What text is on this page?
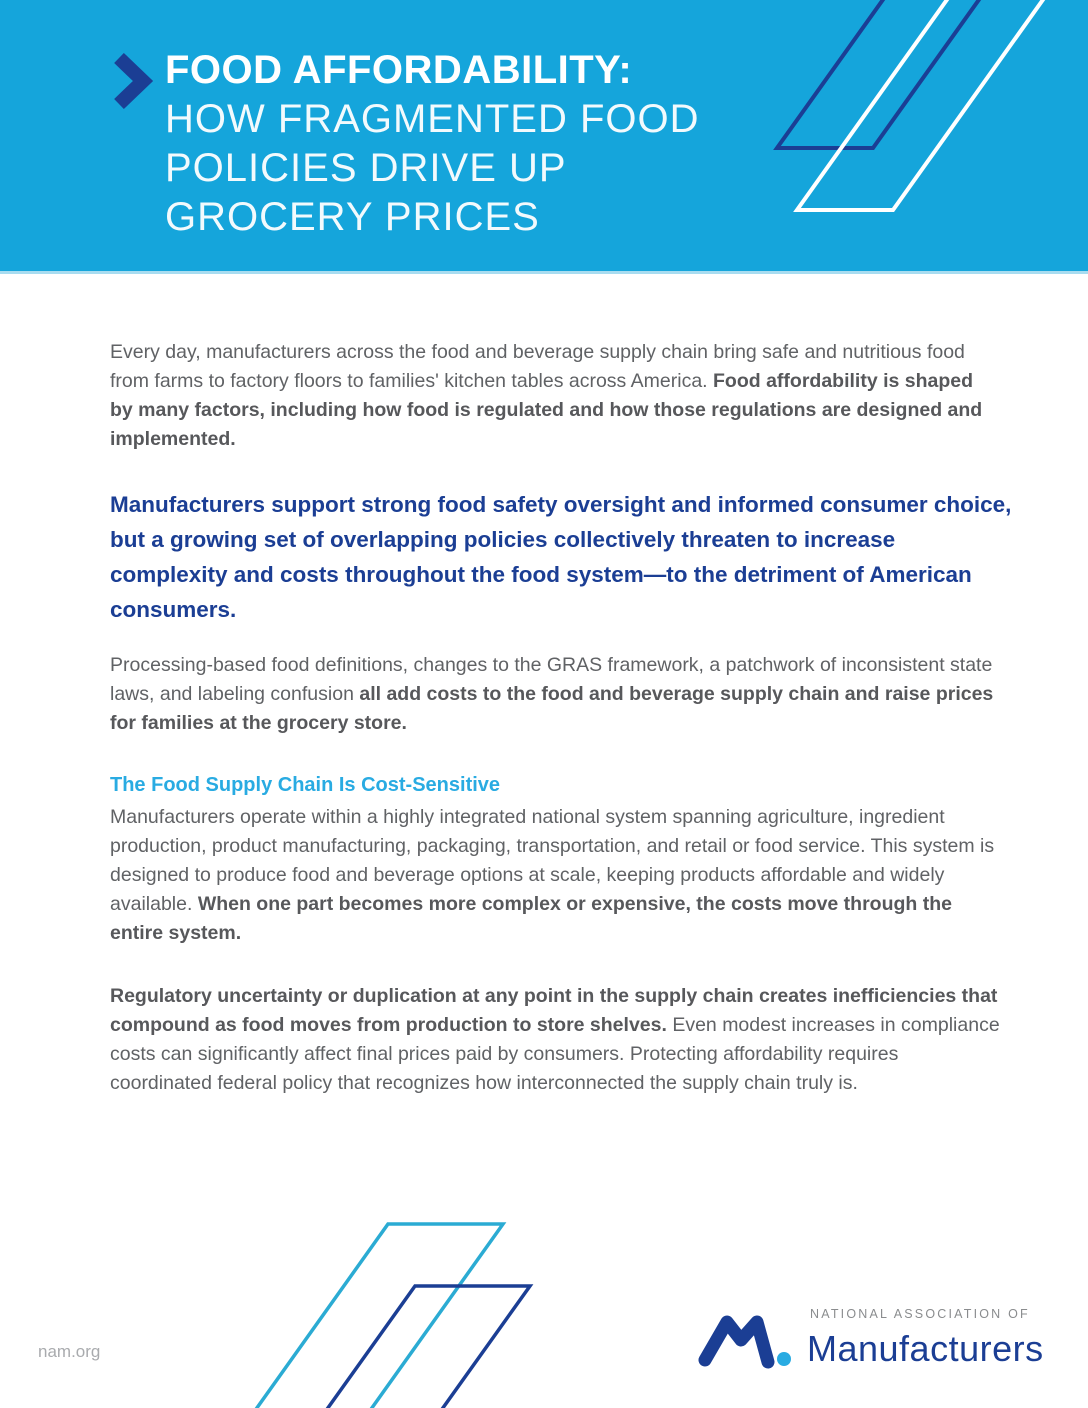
FOOD AFFORDABILITY:
HOW FRAGMENTED FOOD
POLICIES DRIVE UP
GROCERY PRICES

Every day, manufacturers across the food and beverage supply chain bring safe and nutritious food from farms to factory floors to families' kitchen tables across America. Food affordability is shaped by many factors, including how food is regulated and how those regulations are designed and implemented.

Manufacturers support strong food safety oversight and informed consumer choice, but a growing set of overlapping policies collectively threaten to increase complexity and costs throughout the food system—to the detriment of American consumers.

Processing-based food definitions, changes to the GRAS framework, a patchwork of inconsistent state laws, and labeling confusion all add costs to the food and beverage supply chain and raise prices for families at the grocery store.

The Food Supply Chain Is Cost-Sensitive

Manufacturers operate within a highly integrated national system spanning agriculture, ingredient production, product manufacturing, packaging, transportation, and retail or food service. This system is designed to produce food and beverage options at scale, keeping products affordable and widely available. When one part becomes more complex or expensive, the costs move through the entire system.

Regulatory uncertainty or duplication at any point in the supply chain creates inefficiencies that compound as food moves from production to store shelves. Even modest increases in compliance costs can significantly affect final prices paid by consumers. Protecting affordability requires coordinated federal policy that recognizes how interconnected the supply chain truly is.

nam.org
NATIONAL ASSOCIATION OF
Manufacturers
